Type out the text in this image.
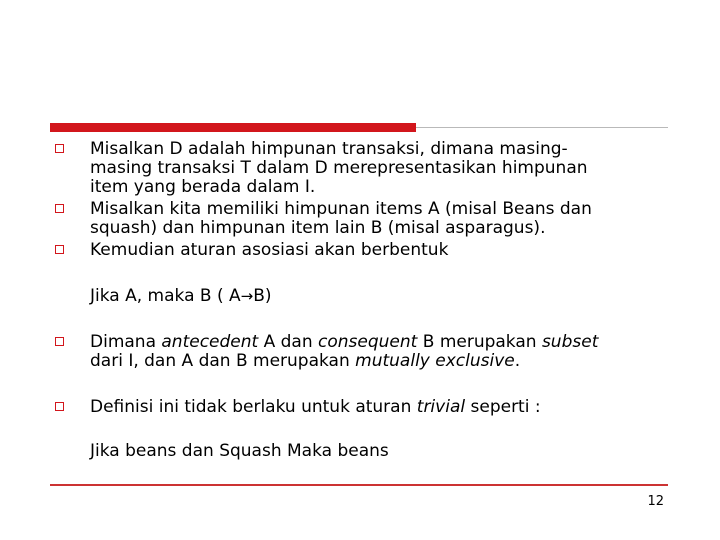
Misalkan D adalah himpunan transaksi, dimana masing-
masing transaksi T dalam D merepresentasikan himpunan
item yang berada dalam I.
Misalkan kita memiliki himpunan items A (misal Beans dan
squash) dan himpunan item lain B (misal asparagus).
Kemudian aturan asosiasi akan berbentuk
Jika A, maka B ( A→B)
Dimana antecedent A dan consequent B merupakan subset
dari I, dan A dan B merupakan mutually exclusive.
Definisi ini tidak berlaku untuk aturan trivial seperti :
Jika beans dan Squash Maka beans
12
